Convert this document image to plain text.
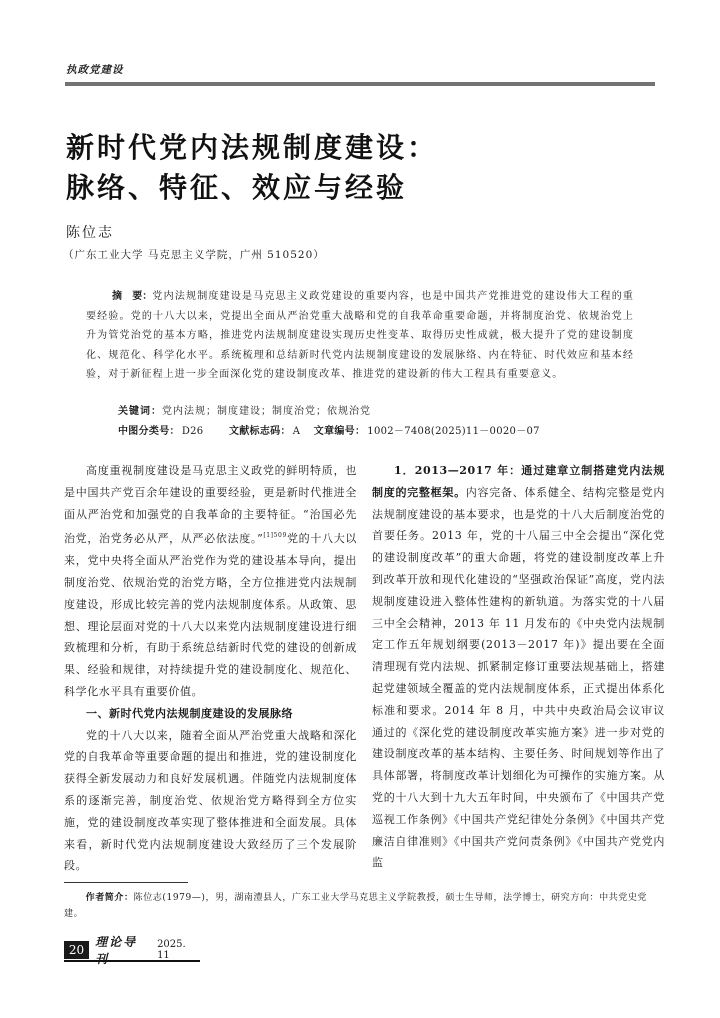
执政党建设
新时代党内法规制度建设：
脉络、特征、效应与经验
陈位志
（广东工业大学 马克思主义学院，广州 510520）

摘　要：党内法规制度建设是马克思主义政党建设的重要内容，也是中国共产党推进党的建设伟大工程的重要经验。党的十八大以来，党提出全面从严治党重大战略和党的自我革命重要命题，并将制度治党、依规治党上升为管党治党的基本方略，推进党内法规制度建设实现历史性变革、取得历史性成就，极大提升了党的建设制度化、规范化、科学化水平。系统梳理和总结新时代党内法规制度建设的发展脉络、内在特征、时代效应和基本经验，对于新征程上进一步全面深化党的建设制度改革、推进党的建设新的伟大工程具有重要意义。

关键词：党内法规；制度建设；制度治党；依规治党
中图分类号： D26	文献标志码： A 文章编号： 1002－7408(2025)11－0020－07

高度重视制度建设是马克思主义政党的鲜明特质，也是中国共产党百余年建设的重要经验，更是新时代推进全面从严治党和加强党的自我革命的主要特征。“治国必先治党，治党务必从严，从严必依法度。”$^{[1]509}$党的十八大以来，党中央将全面从严治党作为党的建设基本导向，提出制度治党、依规治党的治党方略，全方位推进党内法规制度建设，形成比较完善的党内法规制度体系。从政策、思想、理论层面对党的十八大以来党内法规制度建设进行细致梳理和分析，有助于系统总结新时代党的建设的创新成果、经验和规律，对持续提升党的建设制度化、规范化、科学化水平具有重要价值。

一、新时代党内法规制度建设的发展脉络

党的十八大以来，随着全面从严治党重大战略和深化党的自我革命等重要命题的提出和推进，党的建设制度化获得全新发展动力和良好发展机遇。伴随党内法规制度体系的逐渐完善，制度治党、依规治党方略得到全方位实施，党的建设制度改革实现了整体推进和全面发展。具体来看，新时代党内法规制度建设大致经历了三个发展阶段。

1．2013—2017 年：通过建章立制搭建党内法规制度的完整框架。内容完备、体系健全、结构完整是党内法规制度建设的基本要求，也是党的十八大后制度治党的首要任务。2013 年，党的十八届三中全会提出“深化党的建设制度改革”的重大命题，将党的建设制度改革上升到改革开放和现代化建设的“坚强政治保证”高度，党内法规制度建设进入整体性建构的新轨道。为落实党的十八届三中全会精神，2013 年 11 月发布的《中央党内法规制定工作五年规划纲要(2013－2017 年)》提出要在全面清理现有党内法规、抓紧制定修订重要法规基础上，搭建起党建领域全覆盖的党内法规制度体系，正式提出体系化标准和要求。2014 年 8 月，中共中央政治局会议审议通过的《深化党的建设制度改革实施方案》进一步对党的建设制度改革的基本结构、主要任务、时间规划等作出了具体部署，将制度改革计划细化为可操作的实施方案。从党的十八大到十九大五年时间，中央颁布了《中国共产党巡视工作条例》《中国共产党纪律处分条例》《中国共产党廉洁自律准则》《中国共产党问责条例》《中国共产党党内监

作者简介：陈位志(1979—)，男，湖南澧县人，广东工业大学马克思主义学院教授，硕士生导师，法学博士，研究方向：中共党史党建。
20
理论导刊
2025. 11
